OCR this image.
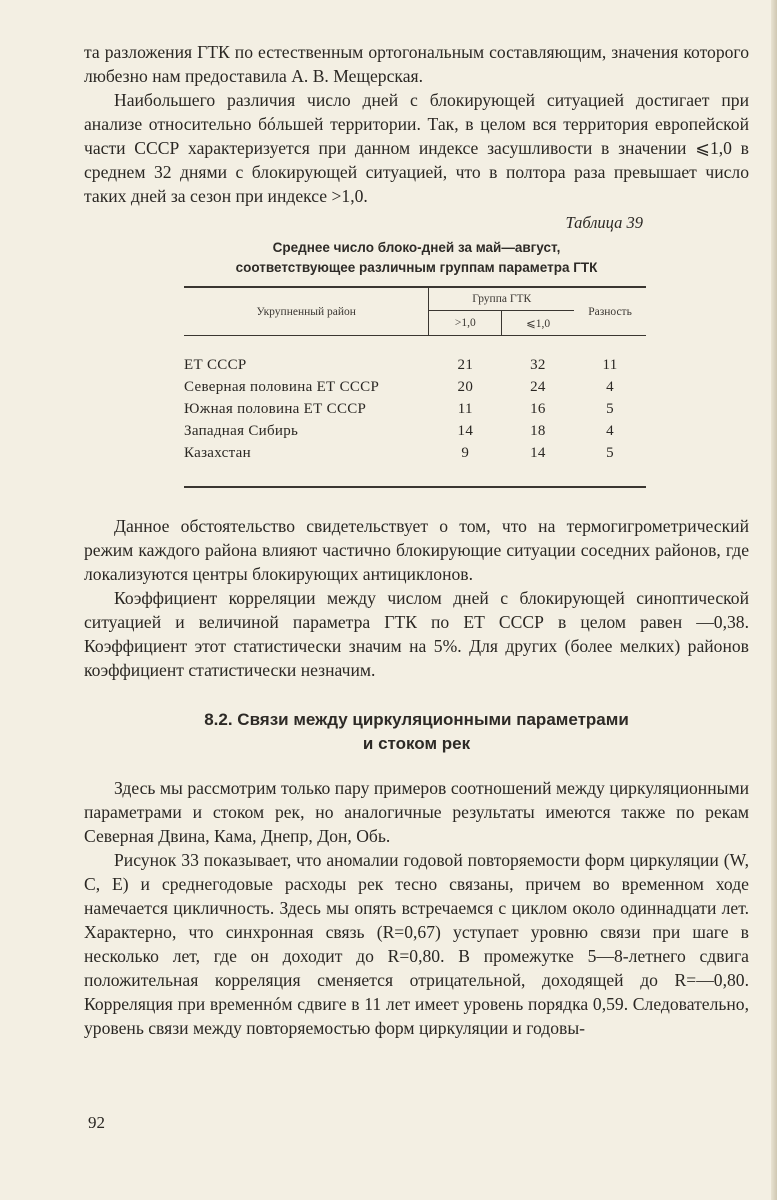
та разложения ГТК по естественным ортогональным составляющим, значения которого любезно нам предоставила А. В. Мещерская.

Наибольшего различия число дней с блокирующей ситуацией достигает при анализе относительно бóльшей территории. Так, в целом вся территория европейской части СССР характеризуется при данном индексе засушливости в значении ⩽1,0 в среднем 32 днями с блокирующей ситуацией, что в полтора раза превышает число таких дней за сезон при индексе >1,0.

Таблица 39
Среднее число блоко-дней за май—август,
соответствующее различным группам параметра ГТК

Укрупненный район	Группа ГТК		Разность
	>1,0	⩽1,0	

ЕТ СССР	21	32	11
Северная половина ЕТ СССР	20	24	4
Южная половина ЕТ СССР	11	16	5
Западная Сибирь	14	18	4
Казахстан	9	14	5

Данное обстоятельство свидетельствует о том, что на термогигрометрический режим каждого района влияют частично блокирующие ситуации соседних районов, где локализуются центры блокирующих антициклонов.

Коэффициент корреляции между числом дней с блокирующей синоптической ситуацией и величиной параметра ГТК по ЕТ СССР в целом равен —0,38. Коэффициент этот статистически значим на 5%. Для других (более мелких) районов коэффициент статистически незначим.

8.2. Связи между циркуляционными параметрами
и стоком рек

Здесь мы рассмотрим только пару примеров соотношений между циркуляционными параметрами и стоком рек, но аналогичные результаты имеются также по рекам Северная Двина, Кама, Днепр, Дон, Обь.

Рисунок 33 показывает, что аномалии годовой повторяемости форм циркуляции (W, C, E) и среднегодовые расходы рек тесно связаны, причем во временном ходе намечается цикличность. Здесь мы опять встречаемся с циклом около одиннадцати лет. Характерно, что синхронная связь (R=0,67) уступает уровню связи при шаге в несколько лет, где он доходит до R=0,80. В промежутке 5—8-летнего сдвига положительная корреляция сменяется отрицательной, доходящей до R=—0,80. Корреляция при временнóм сдвиге в 11 лет имеет уровень порядка 0,59. Следовательно, уровень связи между повторяемостью форм циркуляции и годовы-

92
